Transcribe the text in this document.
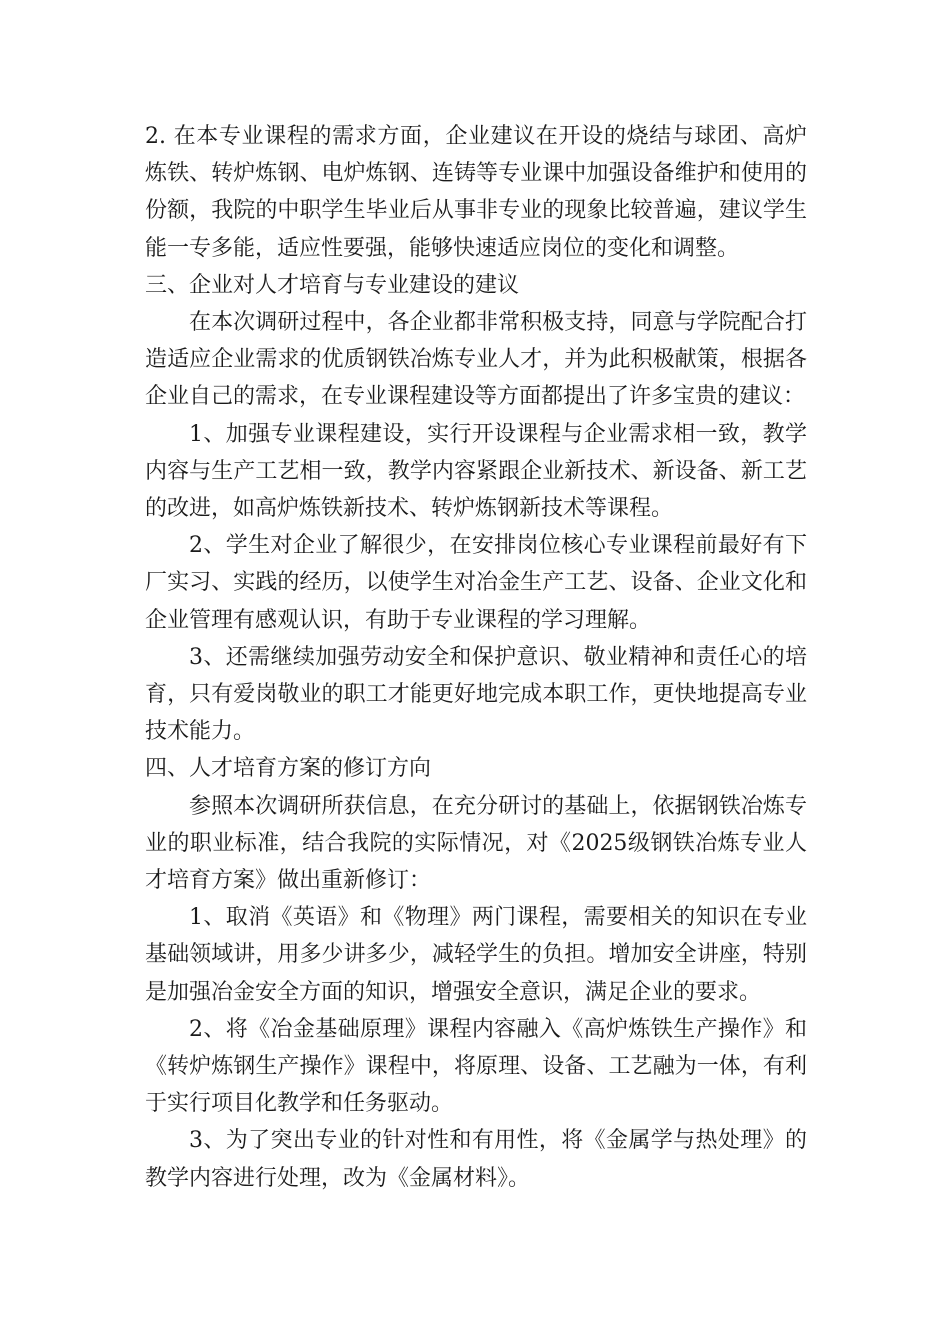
2. 在本专业课程的需求方面，企业建议在开设的烧结与球团、高炉炼铁、转炉炼钢、电炉炼钢、连铸等专业课中加强设备维护和使用的份额，我院的中职学生毕业后从事非专业的现象比较普遍，建议学生能一专多能，适应性要强，能够快速适应岗位的变化和调整。

三、企业对人才培育与专业建设的建议

在本次调研过程中，各企业都非常积极支持，同意与学院配合打造适应企业需求的优质钢铁冶炼专业人才，并为此积极献策，根据各企业自己的需求，在专业课程建设等方面都提出了许多宝贵的建议：

1、加强专业课程建设，实行开设课程与企业需求相一致，教学内容与生产工艺相一致，教学内容紧跟企业新技术、新设备、新工艺的改进，如高炉炼铁新技术、转炉炼钢新技术等课程。

2、学生对企业了解很少，在安排岗位核心专业课程前最好有下厂实习、实践的经历，以使学生对冶金生产工艺、设备、企业文化和企业管理有感观认识，有助于专业课程的学习理解。

3、还需继续加强劳动安全和保护意识、敬业精神和责任心的培育，只有爱岗敬业的职工才能更好地完成本职工作，更快地提高专业技术能力。

四、人才培育方案的修订方向

参照本次调研所获信息，在充分研讨的基础上，依据钢铁冶炼专业的职业标准，结合我院的实际情况，对《2025级钢铁冶炼专业人才培育方案》做出重新修订：

1、取消《英语》和《物理》两门课程，需要相关的知识在专业基础领域讲，用多少讲多少，减轻学生的负担。增加安全讲座，特别是加强冶金安全方面的知识，增强安全意识，满足企业的要求。

2、将《冶金基础原理》课程内容融入《高炉炼铁生产操作》和《转炉炼钢生产操作》课程中，将原理、设备、工艺融为一体，有利于实行项目化教学和任务驱动。

3、为了突出专业的针对性和有用性，将《金属学与热处理》的教学内容进行处理，改为《金属材料》。
